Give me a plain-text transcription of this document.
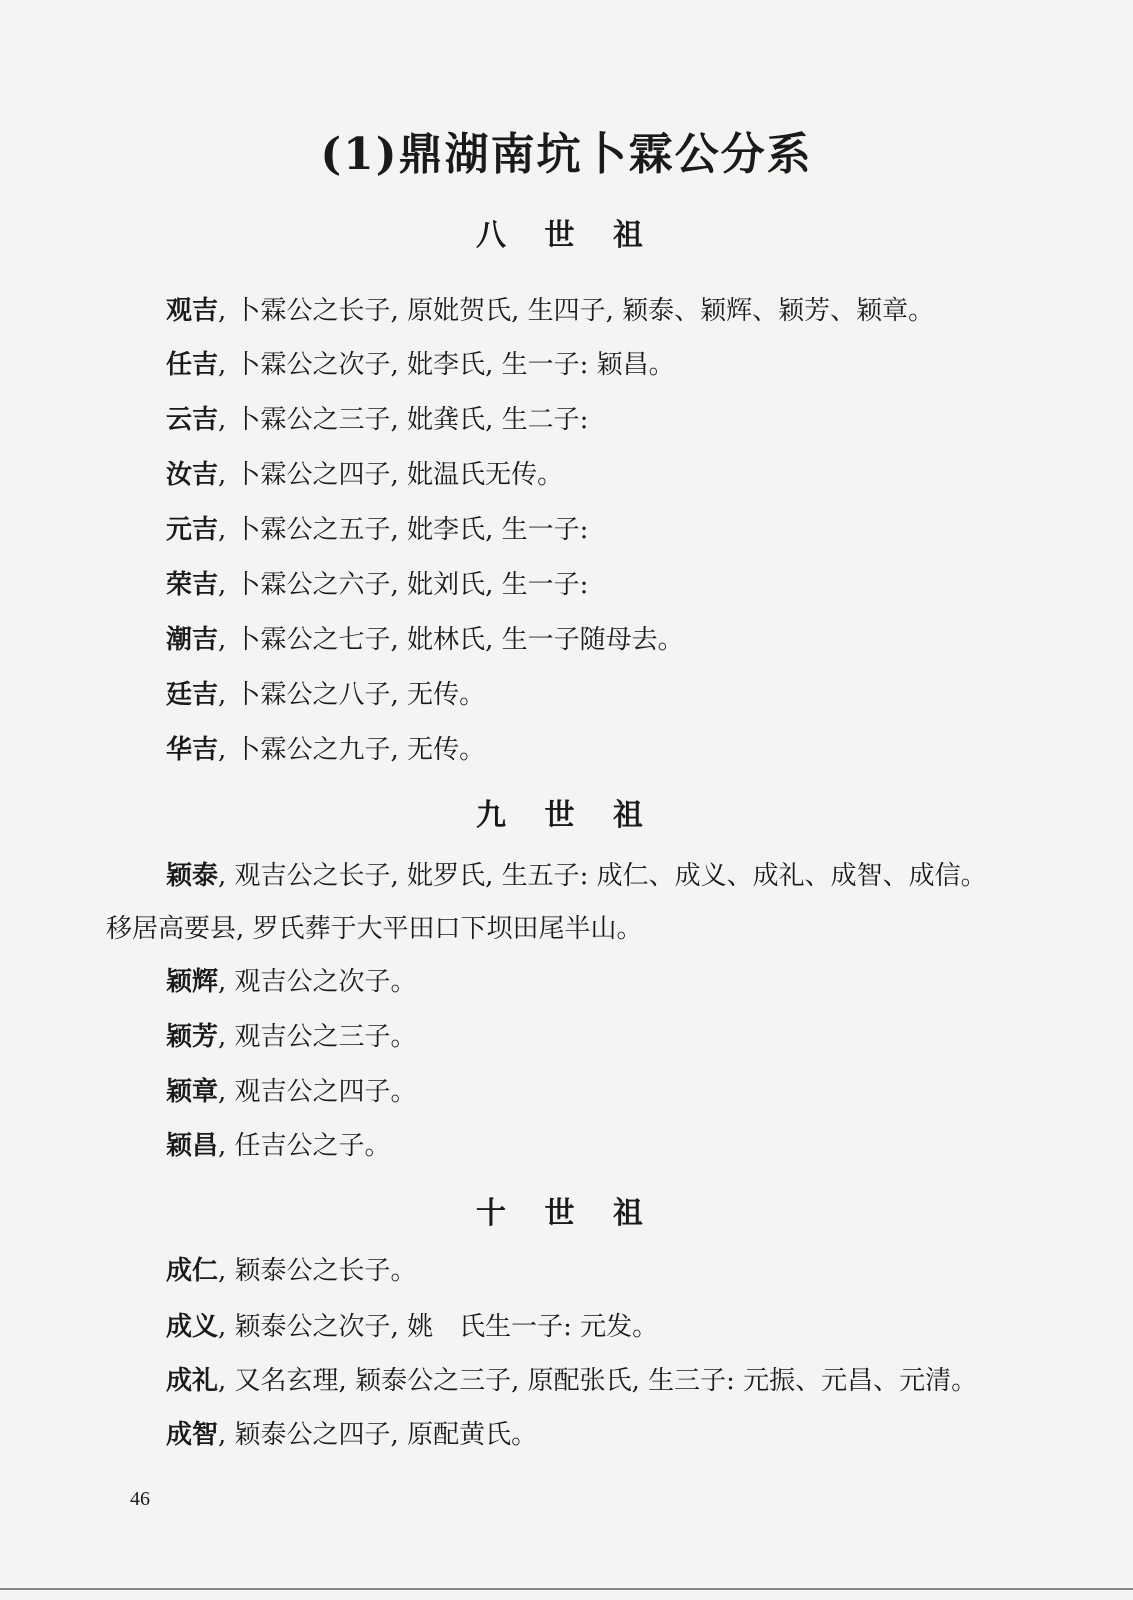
(1)鼎湖南坑卜霖公分系
八 世 祖
观吉, 卜霖公之长子, 原妣贺氏, 生四子, 颖泰、颖辉、颖芳、颖章。
任吉, 卜霖公之次子, 妣李氏, 生一子: 颖昌。
云吉, 卜霖公之三子, 妣龚氏, 生二子:
汝吉, 卜霖公之四子, 妣温氏无传。
元吉, 卜霖公之五子, 妣李氏, 生一子:
荣吉, 卜霖公之六子, 妣刘氏, 生一子:
潮吉, 卜霖公之七子, 妣林氏, 生一子随母去。
廷吉, 卜霖公之八子, 无传。
华吉, 卜霖公之九子, 无传。
九 世 祖
颖泰, 观吉公之长子, 妣罗氏, 生五子: 成仁、成义、成礼、成智、成信。
移居高要县, 罗氏葬于大平田口下坝田尾半山。
颖辉, 观吉公之次子。
颖芳, 观吉公之三子。
颖章, 观吉公之四子。
颖昌, 任吉公之子。
十 世 祖
成仁, 颖泰公之长子。
成义, 颖泰公之次子, 姚　氏生一子: 元发。
成礼, 又名玄理, 颖泰公之三子, 原配张氏, 生三子: 元振、元昌、元清。
成智, 颖泰公之四子, 原配黄氏。
46
